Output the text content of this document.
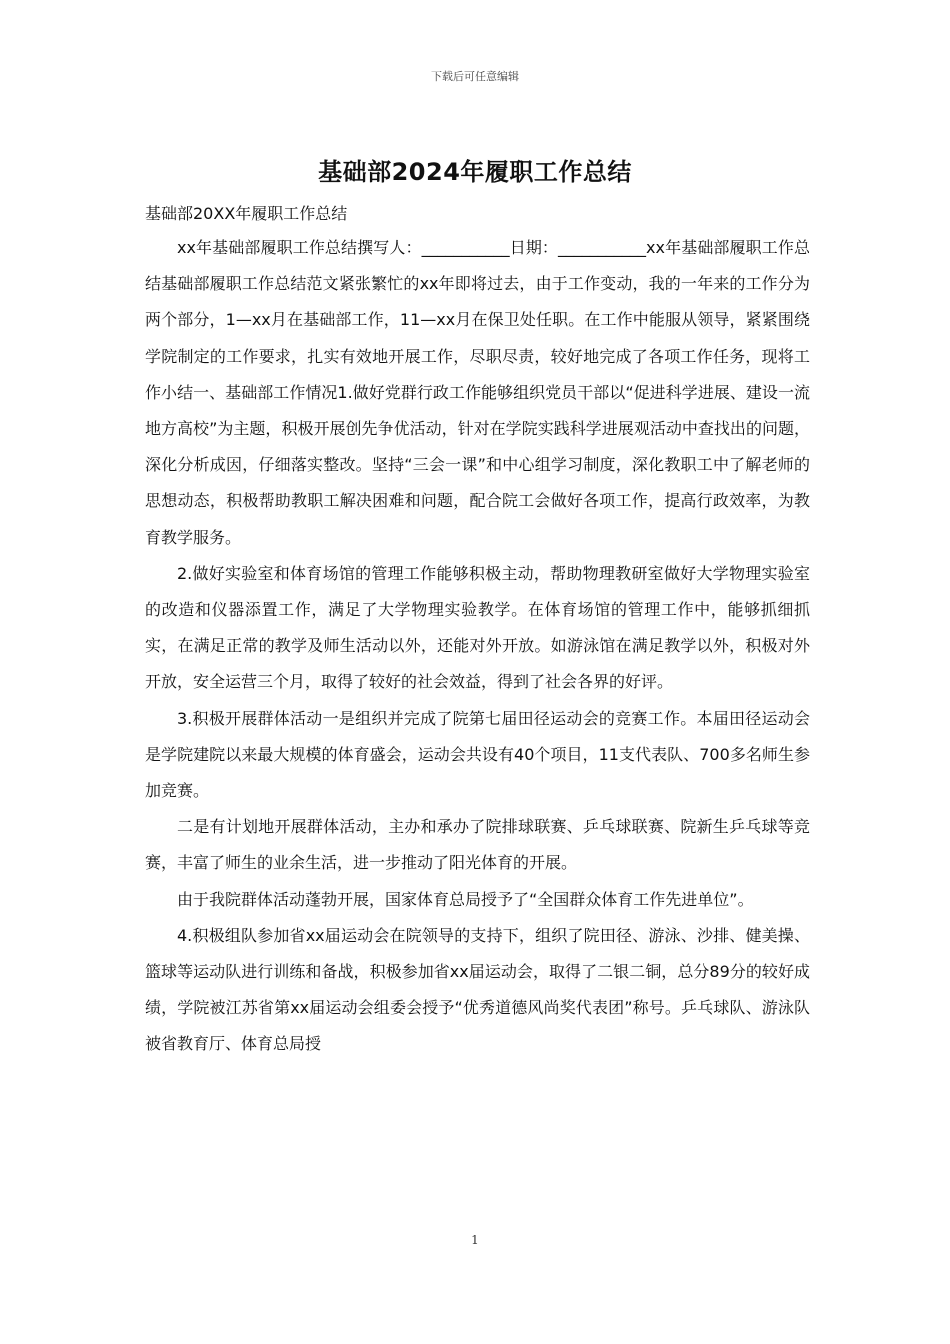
下载后可任意编辑
基础部2024年履职工作总结
基础部20XX年履职工作总结

xx年基础部履职工作总结撰写人：___________日期：___________xx年基础部履职工作总结基础部履职工作总结范文紧张繁忙的xx年即将过去，由于工作变动，我的一年来的工作分为两个部分，1—xx月在基础部工作，11—xx月在保卫处任职。在工作中能服从领导，紧紧围绕学院制定的工作要求，扎实有效地开展工作，尽职尽责，较好地完成了各项工作任务，现将工作小结一、基础部工作情况1.做好党群行政工作能够组织党员干部以“促进科学进展、建设一流地方高校”为主题，积极开展创先争优活动，针对在学院实践科学进展观活动中查找出的问题，深化分析成因，仔细落实整改。坚持“三会一课”和中心组学习制度，深化教职工中了解老师的思想动态，积极帮助教职工解决困难和问题，配合院工会做好各项工作，提高行政效率，为教育教学服务。

2.做好实验室和体育场馆的管理工作能够积极主动，帮助物理教研室做好大学物理实验室的改造和仪器添置工作，满足了大学物理实验教学。在体育场馆的管理工作中，能够抓细抓实，在满足正常的教学及师生活动以外，还能对外开放。如游泳馆在满足教学以外，积极对外开放，安全运营三个月，取得了较好的社会效益，得到了社会各界的好评。

3.积极开展群体活动一是组织并完成了院第七届田径运动会的竞赛工作。本届田径运动会是学院建院以来最大规模的体育盛会，运动会共设有40个项目，11支代表队、700多名师生参加竞赛。

二是有计划地开展群体活动，主办和承办了院排球联赛、乒乓球联赛、院新生乒乓球等竞赛，丰富了师生的业余生活，进一步推动了阳光体育的开展。

由于我院群体活动蓬勃开展，国家体育总局授予了“全国群众体育工作先进单位”。

4.积极组队参加省xx届运动会在院领导的支持下，组织了院田径、游泳、沙排、健美操、篮球等运动队进行训练和备战，积极参加省xx届运动会，取得了二银二铜，总分89分的较好成绩，学院被江苏省第xx届运动会组委会授予“优秀道德风尚奖代表团”称号。乒乓球队、游泳队被省教育厅、体育总局授

1
